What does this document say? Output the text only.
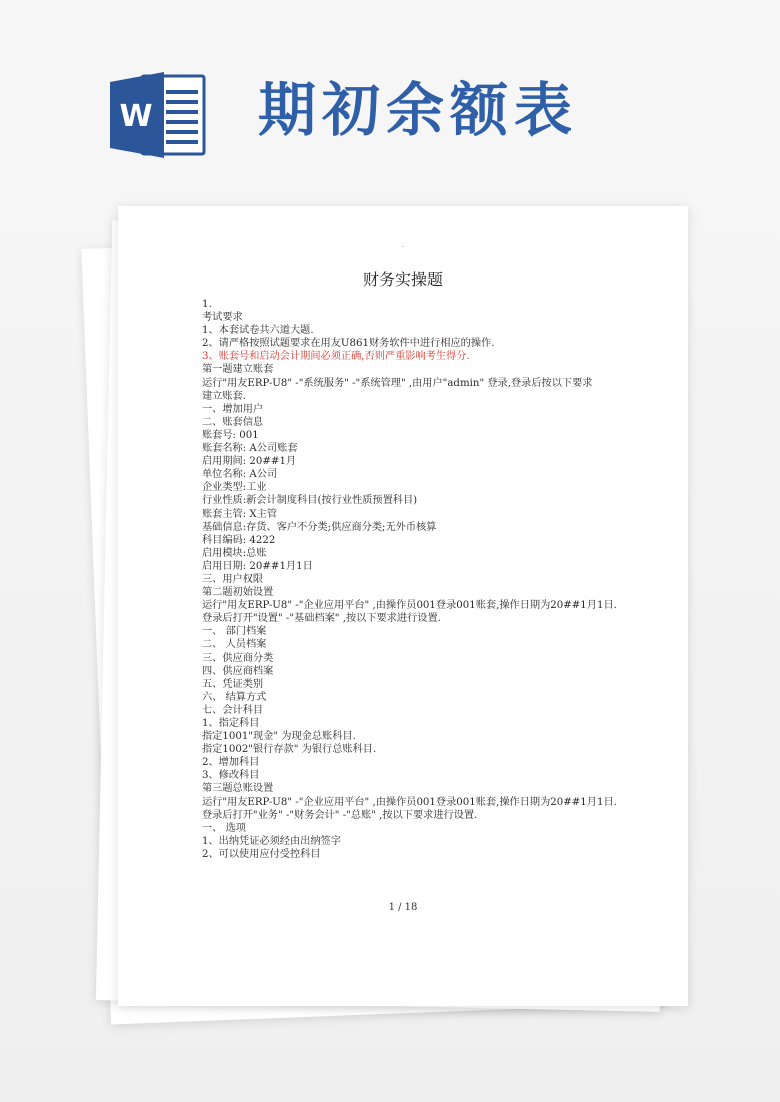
W 期初余额表
·
财务实操题
1.
考试要求
1、本套试卷共六道大题.
2、请严格按照试题要求在用友U861财务软件中进行相应的操作.
3、账套号和启动会计期间必须正确,否则严重影响考生得分.
第一题建立账套
运行"用友ERP-U8" -"系统服务" -"系统管理" ,由用户"admin" 登录,登录后按以下要求
建立账套.
一、增加用户
二、账套信息
账套号: 001
账套名称: A公司账套
启用期间: 20##1月
单位名称: A公司
企业类型:工业
行业性质:新会计制度科目(按行业性质预置科目)
账套主管: X主管
基础信息:存货、客户不分类;供应商分类;无外币核算
科目编码: 4222
启用模块:总账
启用日期: 20##1月1日
三、用户权限
第二题初始设置
运行"用友ERP-U8" -"企业应用平台" ,由操作员001登录001账套,操作日期为20##1月1日.
登录后打开"设置" -"基础档案" ,按以下要求进行设置.
一、 部门档案
二、 人员档案
三、供应商分类
四、供应商档案
五、凭证类别
六、 结算方式
七、会计科目
1、指定科目
指定1001"现金" 为现金总账科目.
指定1002"银行存款" 为银行总账科目.
2、增加科目
3、修改科目
第三题总账设置
运行"用友ERP-U8" -"企业应用平台" ,由操作员001登录001账套,操作日期为20##1月1日.
登录后打开"业务" -"财务会计" -"总账" ,按以下要求进行设置.
一、 选项
1、出纳凭证必须经由出纳签字
2、可以使用应付受控科目
1 / 18
